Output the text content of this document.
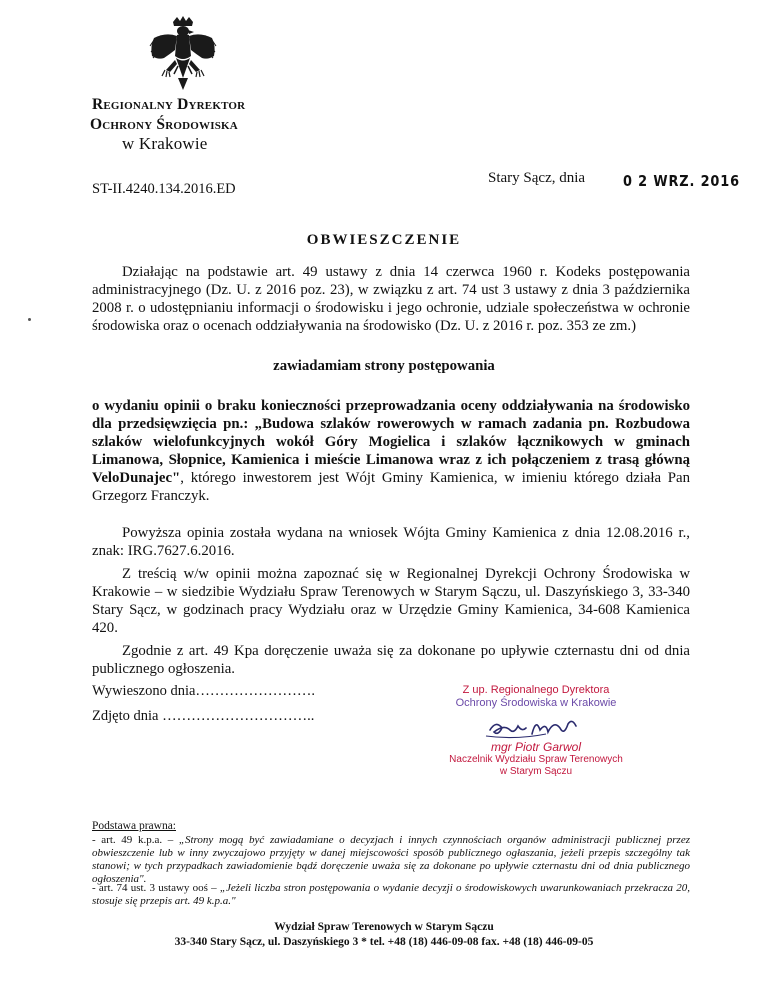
Regionalny Dyrektor
Ochrony Środowiska
w Krakowie
Stary Sącz, dnia	0 2 WRZ. 2016
ST-II.4240.134.2016.ED
OBWIESZCZENIE
Działając na podstawie art. 49 ustawy z dnia 14 czerwca 1960 r. Kodeks postępowania administracyjnego (Dz. U. z 2016 poz. 23), w związku z art. 74 ust 3 ustawy z dnia 3 października 2008 r. o udostępnianiu informacji o środowisku i jego ochronie, udziale społeczeństwa w ochronie środowiska oraz o ocenach oddziaływania na środowisko (Dz. U. z 2016 r. poz. 353 ze zm.)
zawiadamiam strony postępowania
o wydaniu opinii o braku konieczności przeprowadzania oceny oddziaływania na środowisko dla przedsięwzięcia pn.: „Budowa szlaków rowerowych w ramach zadania pn. Rozbudowa szlaków wielofunkcyjnych wokół Góry Mogielica i szlaków łącznikowych w gminach Limanowa, Słopnice, Kamienica i mieście Limanowa wraz z ich połączeniem z trasą główną VeloDunajec", którego inwestorem jest Wójt Gminy Kamienica, w imieniu którego działa Pan Grzegorz Franczyk.
Powyższa opinia została wydana na wniosek Wójta Gminy Kamienica z dnia 12.08.2016 r., znak: IRG.7627.6.2016.
Z treścią w/w opinii można zapoznać się w Regionalnej Dyrekcji Ochrony Środowiska w Krakowie – w siedzibie Wydziału Spraw Terenowych w Starym Sączu, ul. Daszyńskiego 3, 33-340 Stary Sącz, w godzinach pracy Wydziału oraz w Urzędzie Gminy Kamienica, 34-608 Kamienica 420.
Zgodnie z art. 49 Kpa doręczenie uważa się za dokonane po upływie czternastu dni od dnia publicznego ogłoszenia.
Wywieszono dnia…………………….
Zdjęto dnia …………………………..
Z up. Regionalnego Dyrektora
Ochrony Środowiska w Krakowie
mgr Piotr Garwol
Naczelnik Wydziału Spraw Terenowych
w Starym Sączu
Podstawa prawna:
- art. 49 k.p.a. – „Strony mogą być zawiadamiane o decyzjach i innych czynnościach organów administracji publicznej przez obwieszczenie lub w inny zwyczajowo przyjęty w danej miejscowości sposób publicznego ogłaszania, jeżeli przepis szczególny tak stanowi; w tych przypadkach zawiadomienie bądź doręczenie uważa się za dokonane po upływie czternastu dni od dnia publicznego ogłoszenia".
- art. 74 ust. 3 ustawy ooś – „Jeżeli liczba stron postępowania o wydanie decyzji o środowiskowych uwarunkowaniach przekracza 20, stosuje się przepis art. 49 k.p.a."
Wydział Spraw Terenowych w Starym Sączu
33-340 Stary Sącz, ul. Daszyńskiego 3 * tel. +48 (18) 446-09-08 fax. +48 (18) 446-09-05
